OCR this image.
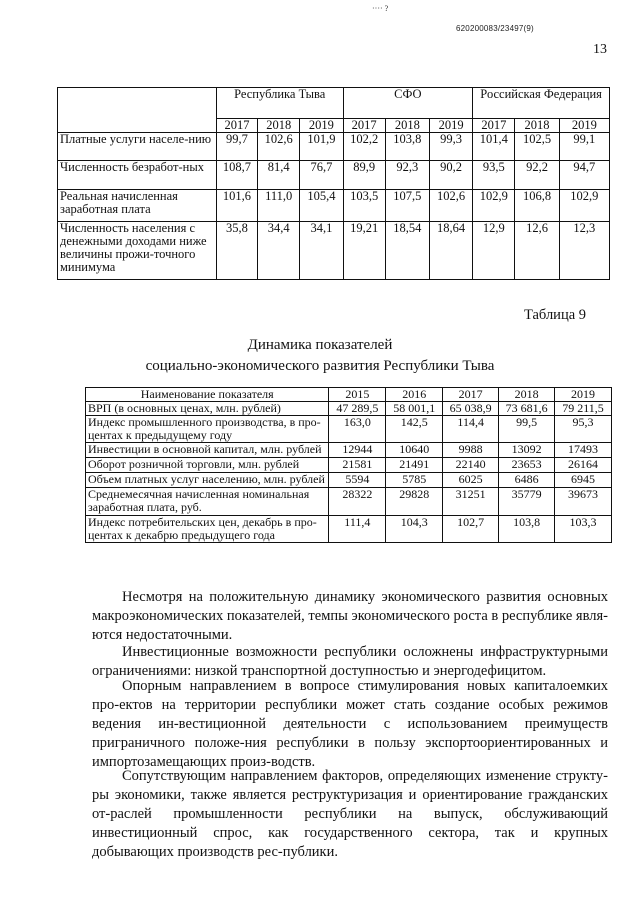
···· ?
620200083/23497(9)
13
	Республика Тыва			СФО			Российская Федерация		
	2017	2018	2019	2017	2018	2019	2017	2018	2019
Платные услуги населе-нию	99,7	102,6	101,9	102,2	103,8	99,3	101,4	102,5	99,1
Численность безработ-ных	108,7	81,4	76,7	89,9	92,3	90,2	93,5	92,2	94,7
Реальная начисленная заработная плата	101,6	111,0	105,4	103,5	107,5	102,6	102,9	106,8	102,9
Численность населения с денежными доходами ниже величины прожи-точного минимума	35,8	34,4	34,1	19,21	18,54	18,64	12,9	12,6	12,3
Таблица 9
Динамика показателей
социально-экономического развития Республики Тыва
Наименование показателя	2015	2016	2017	2018	2019
ВРП (в основных ценах, млн. рублей)	47 289,5	58 001,1	65 038,9	73 681,6	79 211,5
Индекс промышленного производства, в про-центах к предыдущему году	163,0	142,5	114,4	99,5	95,3
Инвестиции в основной капитал, млн. рублей	12944	10640	9988	13092	17493
Оборот розничной торговли, млн. рублей	21581	21491	22140	23653	26164
Объем платных услуг населению, млн. рублей	5594	5785	6025	6486	6945
Среднемесячная начисленная номинальная заработная плата, руб.	28322	29828	31251	35779	39673
Индекс потребительских цен, декабрь в про-центах к декабрю предыдущего года	111,4	104,3	102,7	103,8	103,3

Несмотря на положительную динамику экономического развития основных макроэкономических показателей, темпы экономического роста в республике явля-ются недостаточными.

Инвестиционные возможности республики осложнены инфраструктурными ограничениями: низкой транспортной доступностью и энергодефицитом.

Опорным направлением в вопросе стимулирования новых капиталоемких про-ектов на территории республики может стать создание особых режимов ведения ин-вестиционной деятельности с использованием преимуществ приграничного положе-ния республики в пользу экспортоориентированных и импортозамещающих произ-водств.

Сопутствующим направлением факторов, определяющих изменение структу-ры экономики, также является реструктуризация и ориентирование гражданских от-раслей промышленности республики на выпуск, обслуживающий инвестиционный спрос, как государственного сектора, так и крупных добывающих производств рес-публики.
